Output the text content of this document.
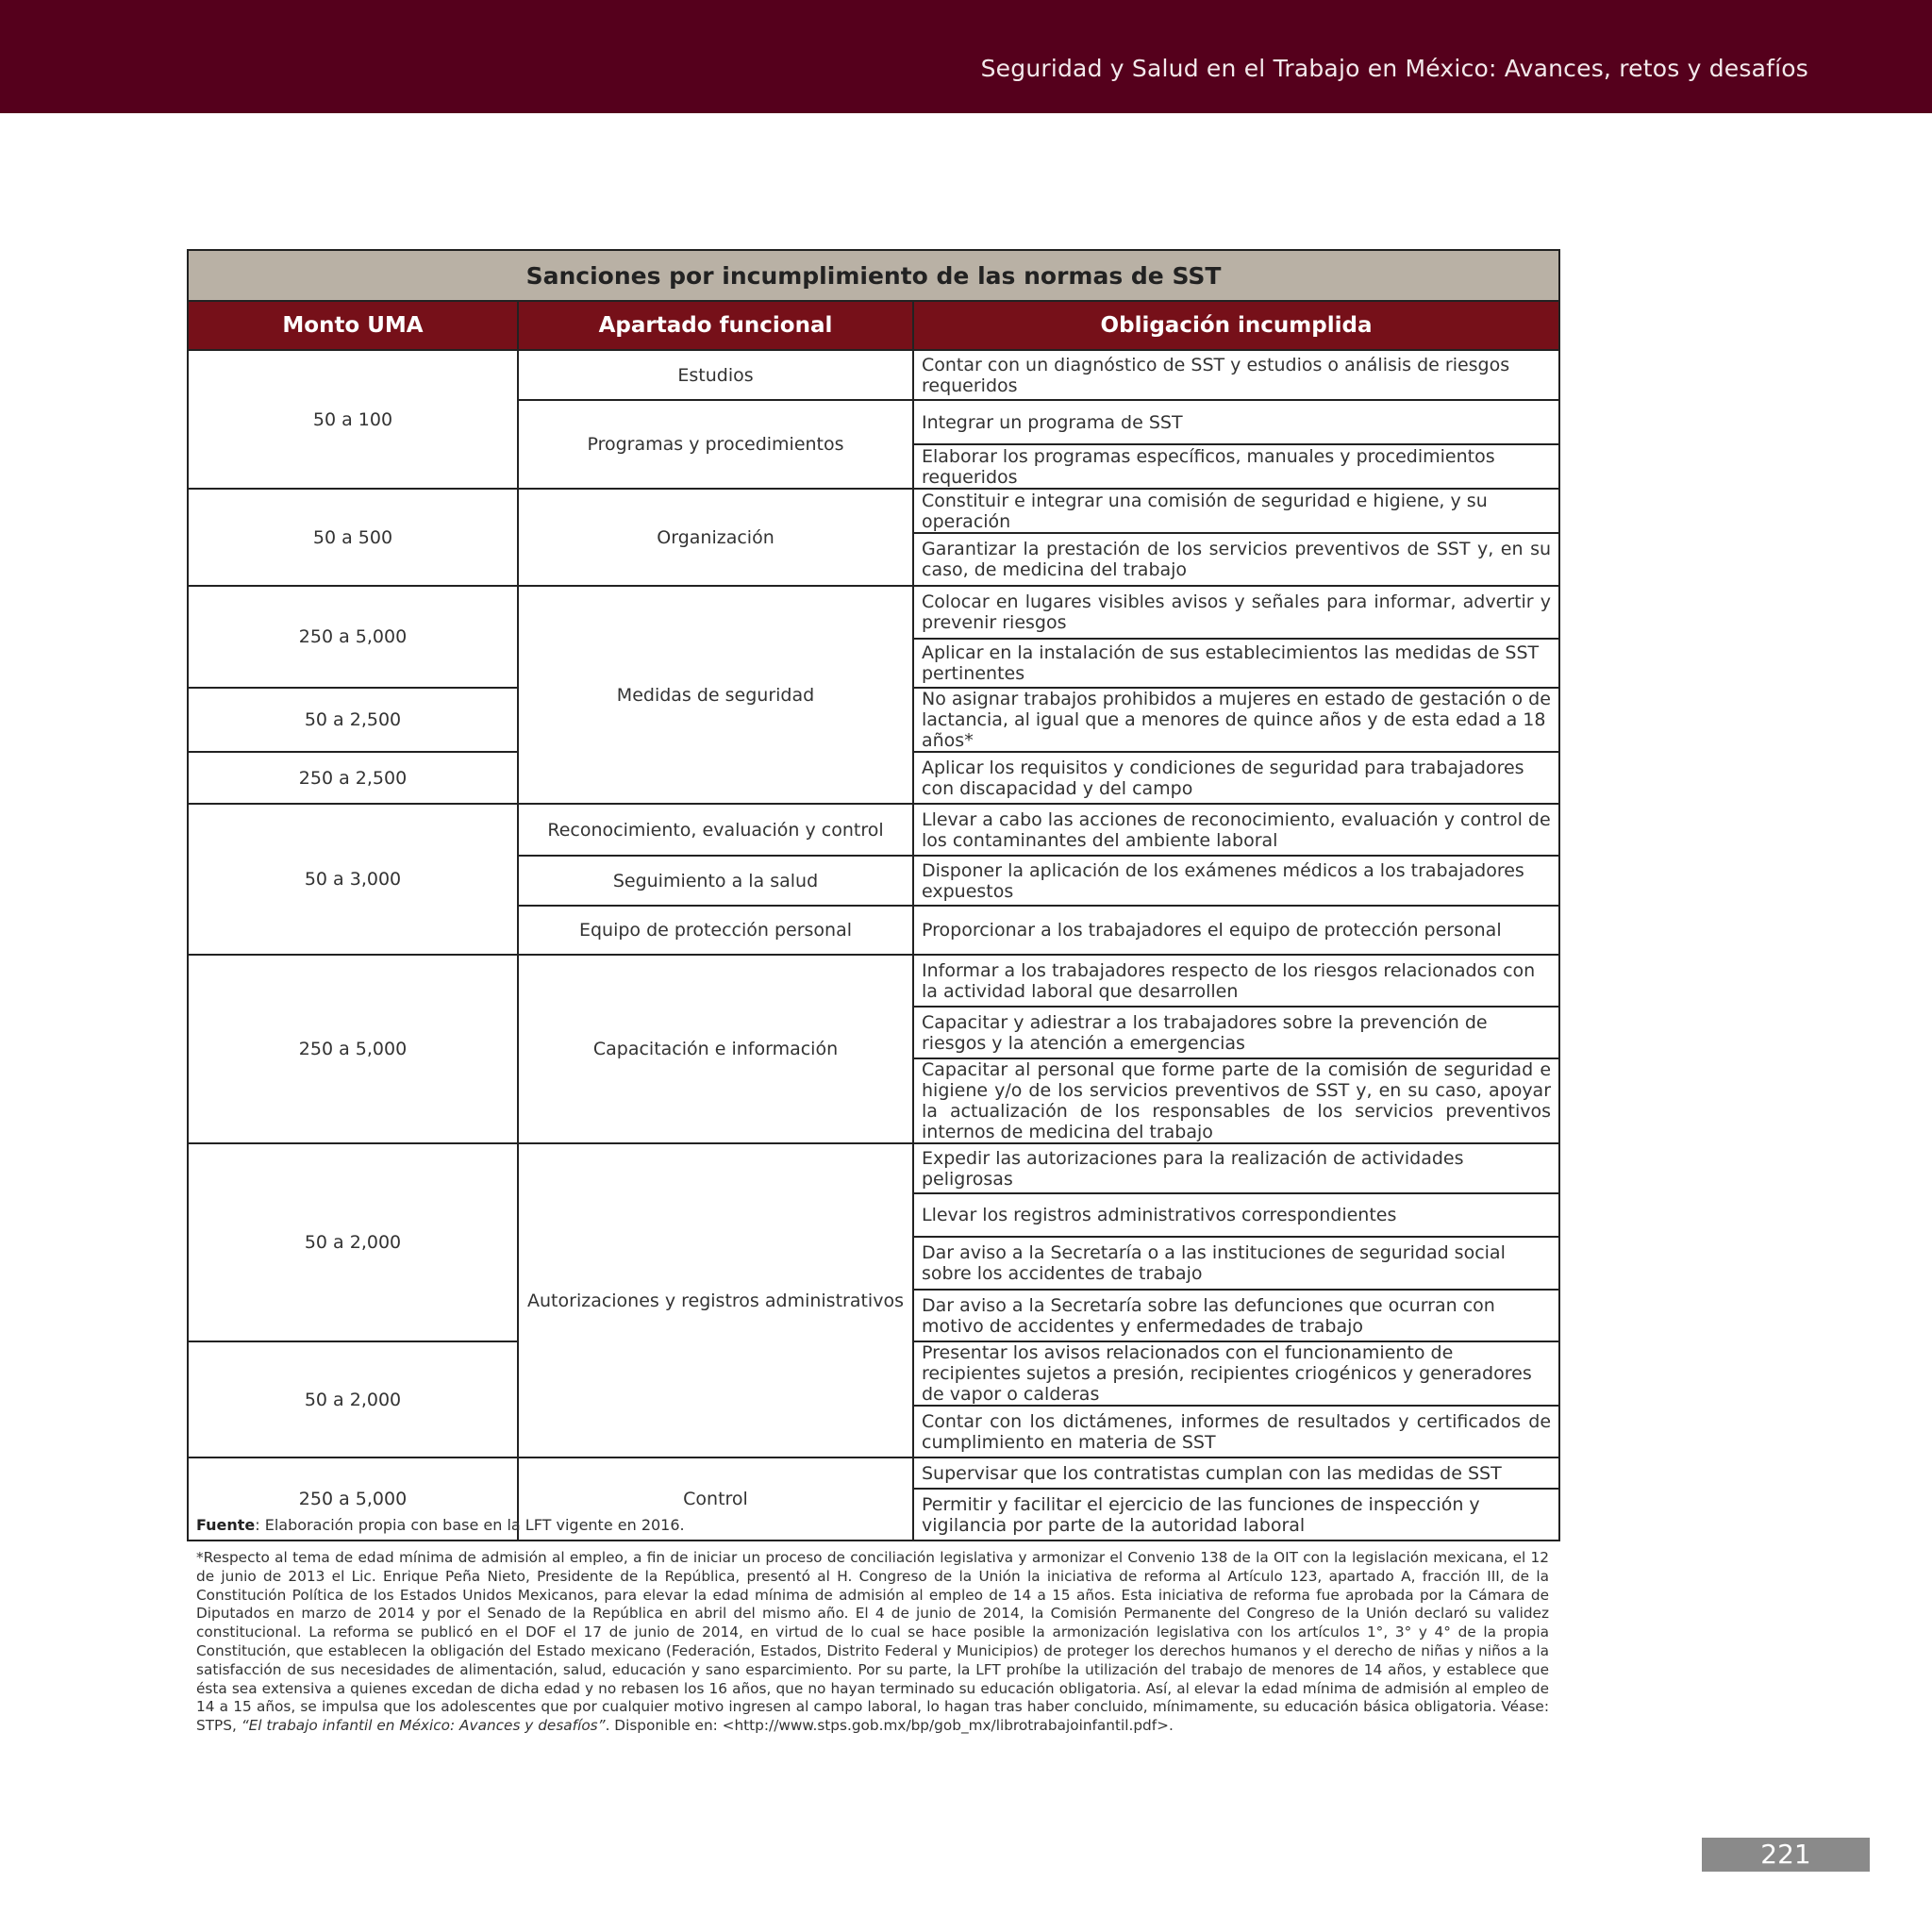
Seguridad y Salud en el Trabajo en México: Avances, retos y desafíos
Sanciones por incumplimiento de las normas de SST		
Monto UMA	Apartado funcional	Obligación incumplida
50 a 100	Estudios	Contar con un diagnóstico de SST y estudios o análisis de riesgos requeridos
	Programas y procedimientos	Integrar un programa de SST
		Elaborar los programas específicos, manuales y procedimientos requeridos
50 a 500	Organización	Constituir e integrar una comisión de seguridad e higiene, y su operación
		Garantizar la prestación de los servicios preventivos de SST y, en su caso, de medicina del trabajo
250 a 5,000	Medidas de seguridad	Colocar en lugares visibles avisos y señales para informar, advertir y prevenir riesgos
		Aplicar en la instalación de sus establecimientos las medidas de SST pertinentes
50 a 2,500		No asignar trabajos prohibidos a mujeres en estado de gestación o de lactancia, al igual que a menores de quince años y de esta edad a 18 años*
250 a 2,500		Aplicar los requisitos y condiciones de seguridad para trabajadores con discapacidad y del campo
50 a 3,000	Reconocimiento, evaluación y control	Llevar a cabo las acciones de reconocimiento, evaluación y control de los contaminantes del ambiente laboral
	Seguimiento a la salud	Disponer la aplicación de los exámenes médicos a los trabajadores expuestos
	Equipo de protección personal	Proporcionar a los trabajadores el equipo de protección personal
250 a 5,000	Capacitación e información	Informar a los trabajadores respecto de los riesgos relacionados con la actividad laboral que desarrollen
		Capacitar y adiestrar a los trabajadores sobre la prevención de riesgos y la atención a emergencias
		Capacitar al personal que forme parte de la comisión de seguridad e higiene y/o de los servicios preventivos de SST y, en su caso, apoyar la actualización de los responsables de los servicios preventivos internos de medicina del trabajo
50 a 2,000	Autorizaciones y registros administrativos	Expedir las autorizaciones para la realización de actividades peligrosas
		Llevar los registros administrativos correspondientes
		Dar aviso a la Secretaría o a las instituciones de seguridad social sobre los accidentes de trabajo
		Dar aviso a la Secretaría sobre las defunciones que ocurran con motivo de accidentes y enfermedades de trabajo
50 a 2,000		Presentar los avisos relacionados con el funcionamiento de recipientes sujetos a presión, recipientes criogénicos y generadores de vapor o calderas
		Contar con los dictámenes, informes de resultados y certificados de cumplimiento en materia de SST
250 a 5,000	Control	Supervisar que los contratistas cumplan con las medidas de SST
		Permitir y facilitar el ejercicio de las funciones de inspección y vigilancia por parte de la autoridad laboral
Fuente: Elaboración propia con base en la LFT vigente en 2016.
*Respecto al tema de edad mínima de admisión al empleo, a fin de iniciar un proceso de conciliación legislativa y armonizar el Convenio 138 de la OIT con la legislación mexicana, el 12 de junio de 2013 el Lic. Enrique Peña Nieto, Presidente de la República, presentó al H. Congreso de la Unión la iniciativa de reforma al Artículo 123, apartado A, fracción III, de la Constitución Política de los Estados Unidos Mexicanos, para elevar la edad mínima de admisión al empleo de 14 a 15 años. Esta iniciativa de reforma fue aprobada por la Cámara de Diputados en marzo de 2014 y por el Senado de la República en abril del mismo año. El 4 de junio de 2014, la Comisión Permanente del Congreso de la Unión declaró su validez constitucional. La reforma se publicó en el DOF el 17 de junio de 2014, en virtud de lo cual se hace posible la armonización legislativa con los artículos 1°, 3° y 4° de la propia Constitución, que establecen la obligación del Estado mexicano (Federación, Estados, Distrito Federal y Municipios) de proteger los derechos humanos y el derecho de niñas y niños a la satisfacción de sus necesidades de alimentación, salud, educación y sano esparcimiento. Por su parte, la LFT prohíbe la utilización del trabajo de menores de 14 años, y establece que ésta sea extensiva a quienes excedan de dicha edad y no rebasen los 16 años, que no hayan terminado su educación obligatoria. Así, al elevar la edad mínima de admisión al empleo de 14 a 15 años, se impulsa que los adolescentes que por cualquier motivo ingresen al campo laboral, lo hagan tras haber concluido, mínimamente, su educación básica obligatoria. Véase: STPS, “El trabajo infantil en México: Avances y desafíos”. Disponible en: <http://www.stps.gob.mx/bp/gob_mx/librotrabajoinfantil.pdf>.
221
